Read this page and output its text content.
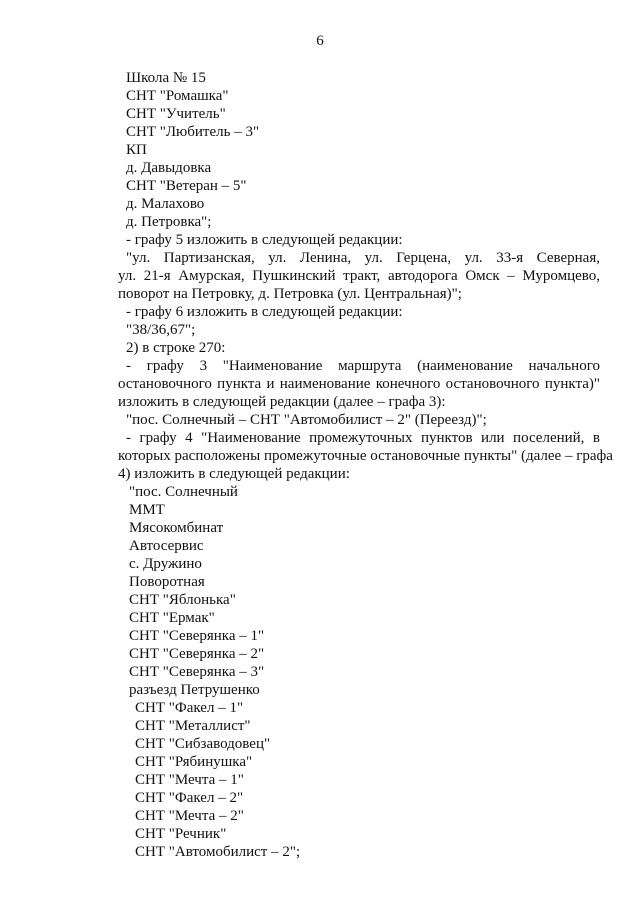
6
Школа № 15
СНТ "Ромашка"
СНТ "Учитель"
СНТ "Любитель – 3"
КП
д. Давыдовка
СНТ "Ветеран – 5"
д. Малахово
д. Петровка";
- графу 5 изложить в следующей редакции:
"ул. Партизанская, ул. Ленина, ул. Герцена, ул. 33-я Северная,
ул. 21-я Амурская, Пушкинский тракт, автодорога Омск – Муромцево,
поворот на Петровку, д. Петровка (ул. Центральная)";
- графу 6 изложить в следующей редакции:
"38/36,67";
2) в строке 270:
- графу 3 "Наименование маршрута (наименование начального
остановочного пункта и наименование конечного остановочного пункта)"
изложить в следующей редакции (далее – графа 3):
"пос. Солнечный – СНТ "Автомобилист – 2" (Переезд)";
- графу 4 "Наименование промежуточных пунктов или поселений, в
которых расположены промежуточные остановочные пункты" (далее – графа
4) изложить в следующей редакции:
"пос. Солнечный
ММТ
Мясокомбинат
Автосервис
с. Дружино
Поворотная
СНТ "Яблонька"
СНТ "Ермак"
СНТ "Северянка – 1"
СНТ "Северянка – 2"
СНТ "Северянка – 3"
разъезд Петрушенко
СНТ "Факел – 1"
СНТ "Металлист"
СНТ "Сибзаводовец"
СНТ "Рябинушка"
СНТ "Мечта – 1"
СНТ "Факел – 2"
СНТ "Мечта – 2"
СНТ "Речник"
СНТ "Автомобилист – 2";
